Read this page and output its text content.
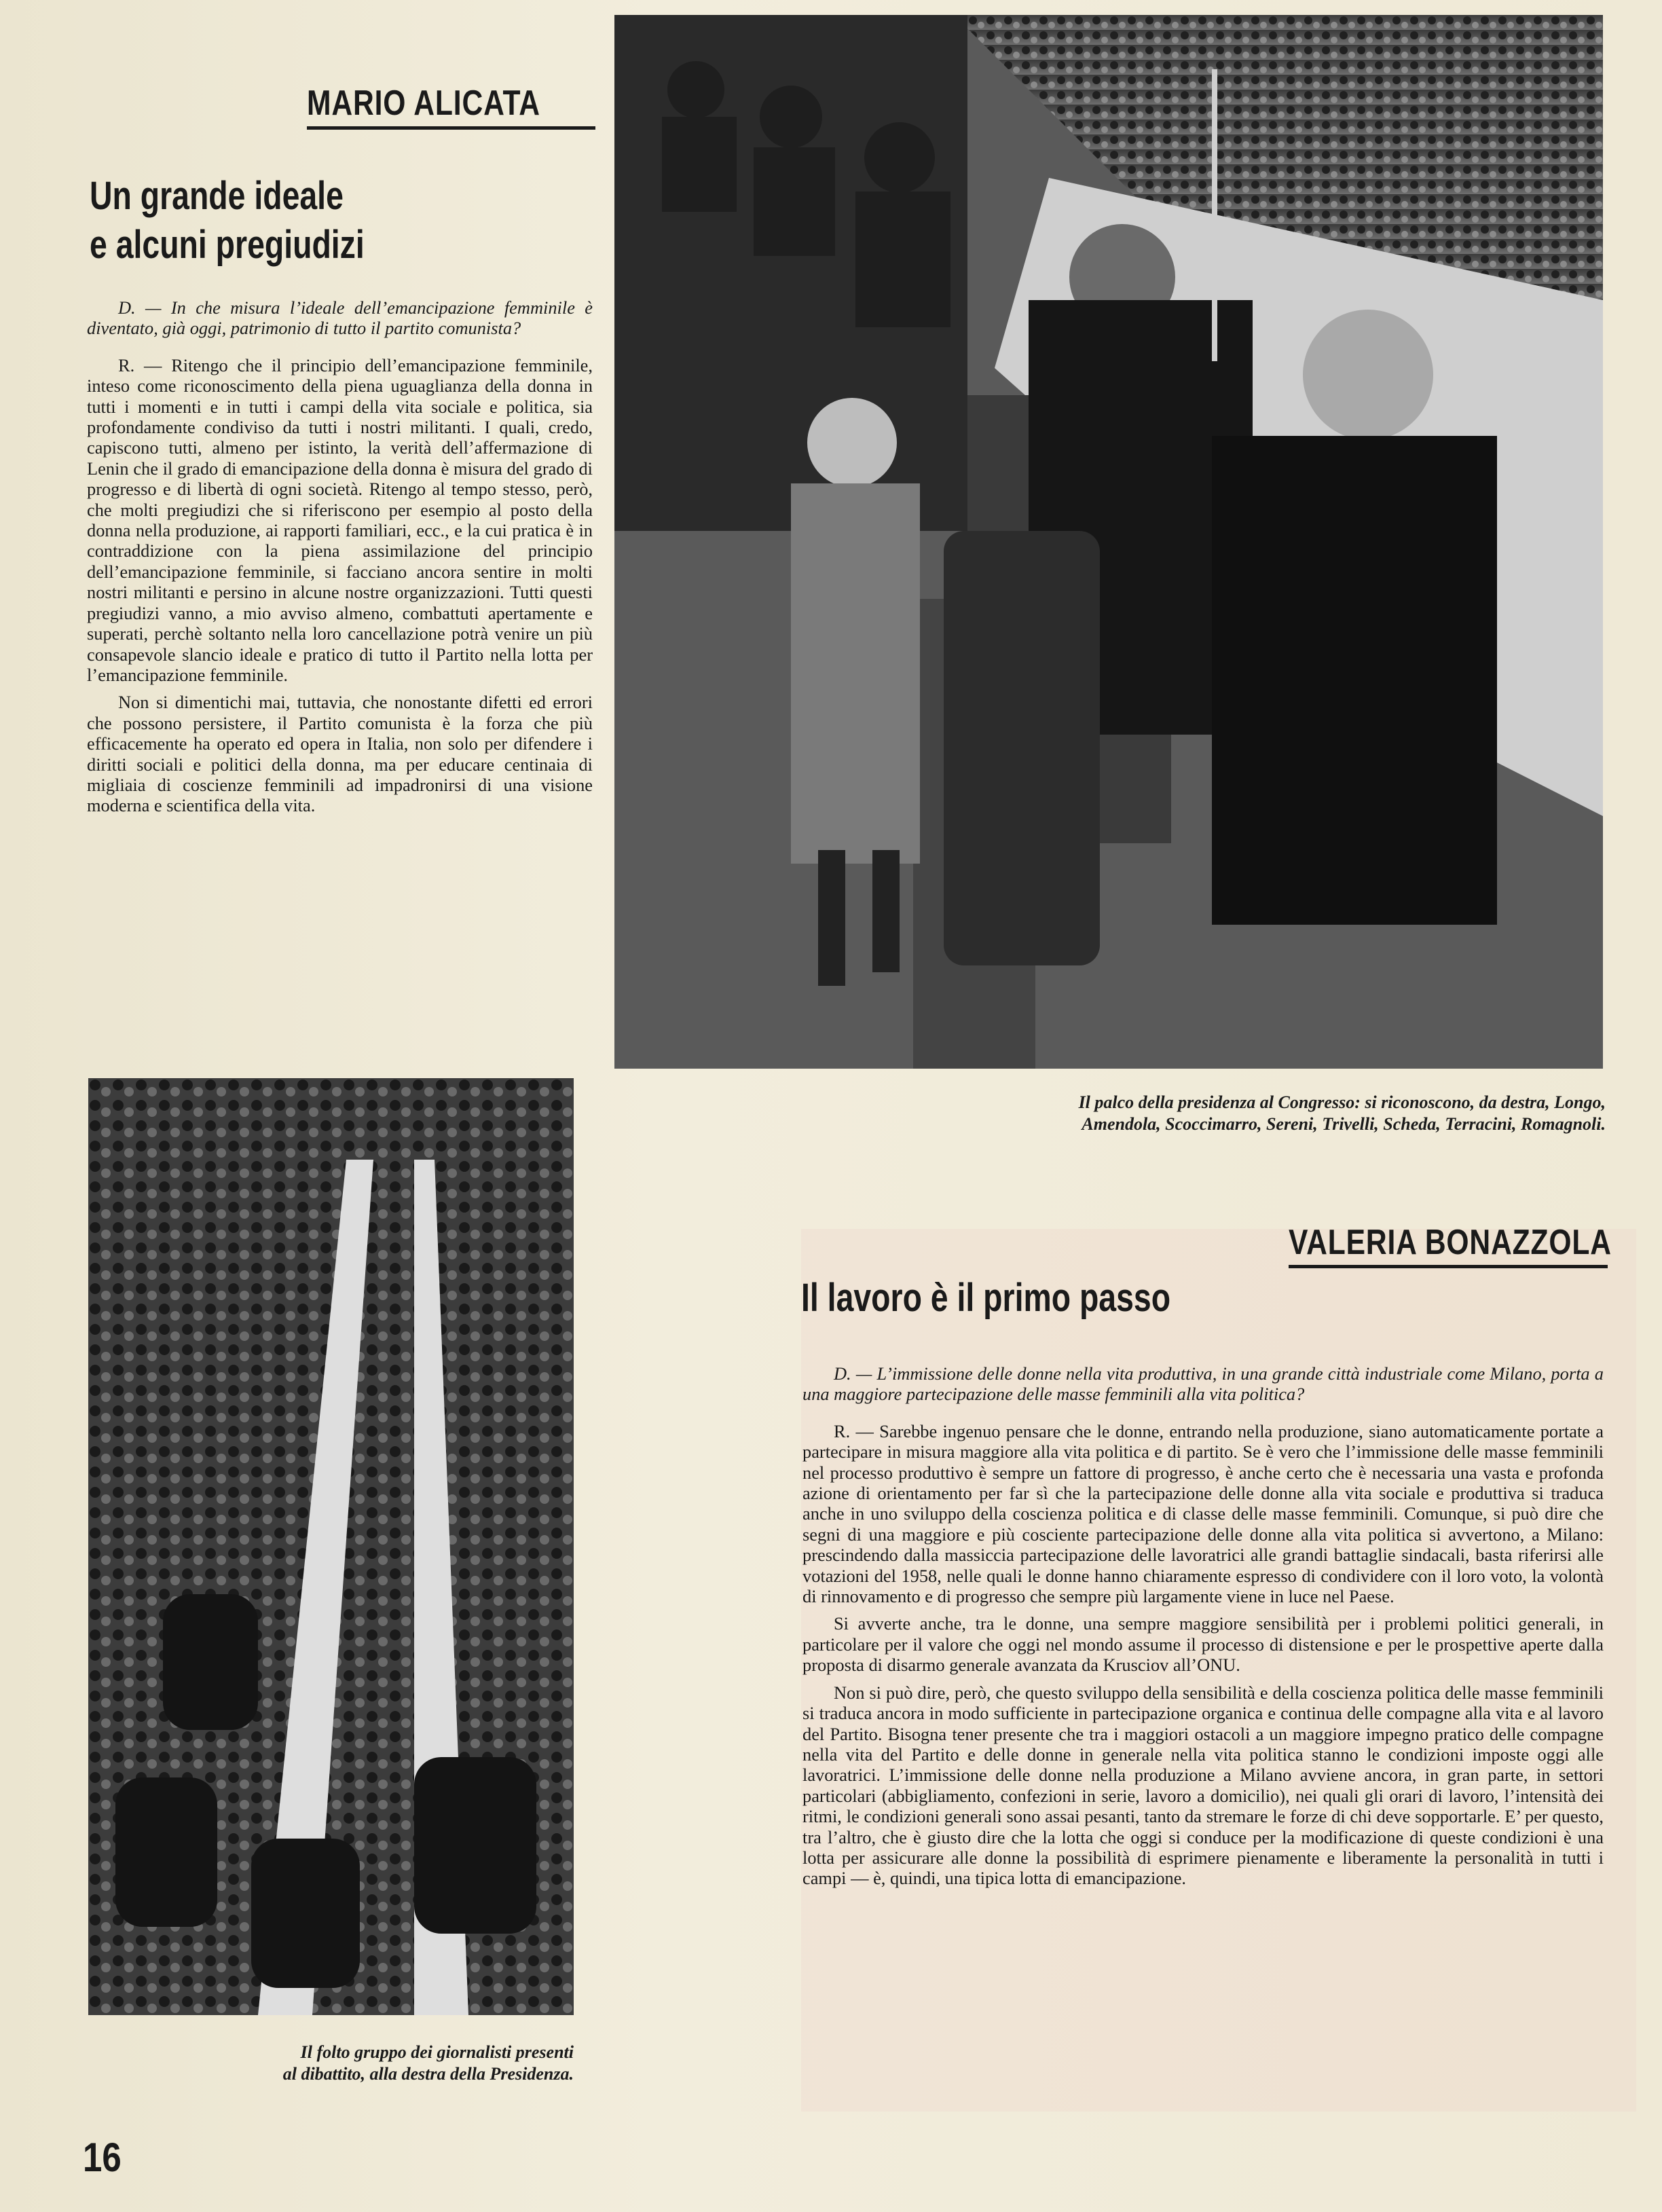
MARIO ALICATA
Un grande ideale
e alcuni pregiudizi

D. — In che misura l’ideale dell’emancipazione femminile è diventato, già oggi, patrimonio di tutto il partito comunista?

R. — Ritengo che il principio dell’emancipazione femminile, inteso come riconoscimento della piena uguaglianza della donna in tutti i momenti e in tutti i campi della vita sociale e politica, sia profondamente condiviso da tutti i nostri militanti. I quali, credo, capiscono tutti, almeno per istinto, la verità dell’affermazione di Lenin che il grado di emancipazione della donna è misura del grado di progresso e di libertà di ogni società. Ritengo al tempo stesso, però, che molti pregiudizi che si riferiscono per esempio al posto della donna nella produzione, ai rapporti familiari, ecc., e la cui pratica è in contraddizione con la piena assimilazione del principio dell’emancipazione femminile, si facciano ancora sentire in molti nostri militanti e persino in alcune nostre organizzazioni. Tutti questi pregiudizi vanno, a mio avviso almeno, combattuti apertamente e superati, perchè soltanto nella loro cancellazione potrà venire un più consapevole slancio ideale e pratico di tutto il Partito nella lotta per l’emancipazione femminile.

Non si dimentichi mai, tuttavia, che nonostante difetti ed errori che possono persistere, il Partito comunista è la forza che più efficacemente ha operato ed opera in Italia, non solo per difendere i diritti sociali e politici della donna, ma per educare centinaia di migliaia di coscienze femminili ad impadronirsi di una visione moderna e scientifica della vita.

Il palco della presidenza al Congresso: si riconoscono, da destra, Longo,
Amendola, Scoccimarro, Sereni, Trivelli, Scheda, Terracini, Romagnoli.
Il folto gruppo dei giornalisti presenti
al dibattito, alla destra della Presidenza.
VALERIA BONAZZOLA
Il lavoro è il primo passo

D. — L’immissione delle donne nella vita produttiva, in una grande città industriale come Milano, porta a una maggiore partecipazione delle masse femminili alla vita politica?

R. — Sarebbe ingenuo pensare che le donne, entrando nella produzione, siano automaticamente portate a partecipare in misura maggiore alla vita politica e di partito. Se è vero che l’immissione delle masse femminili nel processo produttivo è sempre un fattore di progresso, è anche certo che è necessaria una vasta e profonda azione di orientamento per far sì che la partecipazione delle donne alla vita sociale e produttiva si traduca anche in uno sviluppo della coscienza politica e di classe delle masse femminili. Comunque, si può dire che segni di una maggiore e più cosciente partecipazione delle donne alla vita politica si avvertono, a Milano: prescindendo dalla massiccia partecipazione delle lavoratrici alle grandi battaglie sindacali, basta riferirsi alle votazioni del 1958, nelle quali le donne hanno chiaramente espresso di condividere con il loro voto, la volontà di rinnovamento e di progresso che sempre più largamente viene in luce nel Paese.

Si avverte anche, tra le donne, una sempre maggiore sensibilità per i problemi politici generali, in particolare per il valore che oggi nel mondo assume il processo di distensione e per le prospettive aperte dalla proposta di disarmo generale avanzata da Krusciov all’ONU.

Non si può dire, però, che questo sviluppo della sensibilità e della coscienza politica delle masse femminili si traduca ancora in modo sufficiente in partecipazione organica e continua delle compagne alla vita e al lavoro del Partito. Bisogna tener presente che tra i maggiori ostacoli a un maggiore impegno pratico delle compagne nella vita del Partito e delle donne in generale nella vita politica stanno le condizioni imposte oggi alle lavoratrici. L’immissione delle donne nella produzione a Milano avviene ancora, in gran parte, in settori particolari (abbigliamento, confezioni in serie, lavoro a domicilio), nei quali gli orari di lavoro, l’intensità dei ritmi, le condizioni generali sono assai pesanti, tanto da stremare le forze di chi deve sopportarle. E’ per questo, tra l’altro, che è giusto dire che la lotta che oggi si conduce per la modificazione di queste condizioni è una lotta per assicurare alle donne la possibilità di esprimere pienamente e liberamente la personalità in tutti i campi — è, quindi, una tipica lotta di emancipazione.

16
